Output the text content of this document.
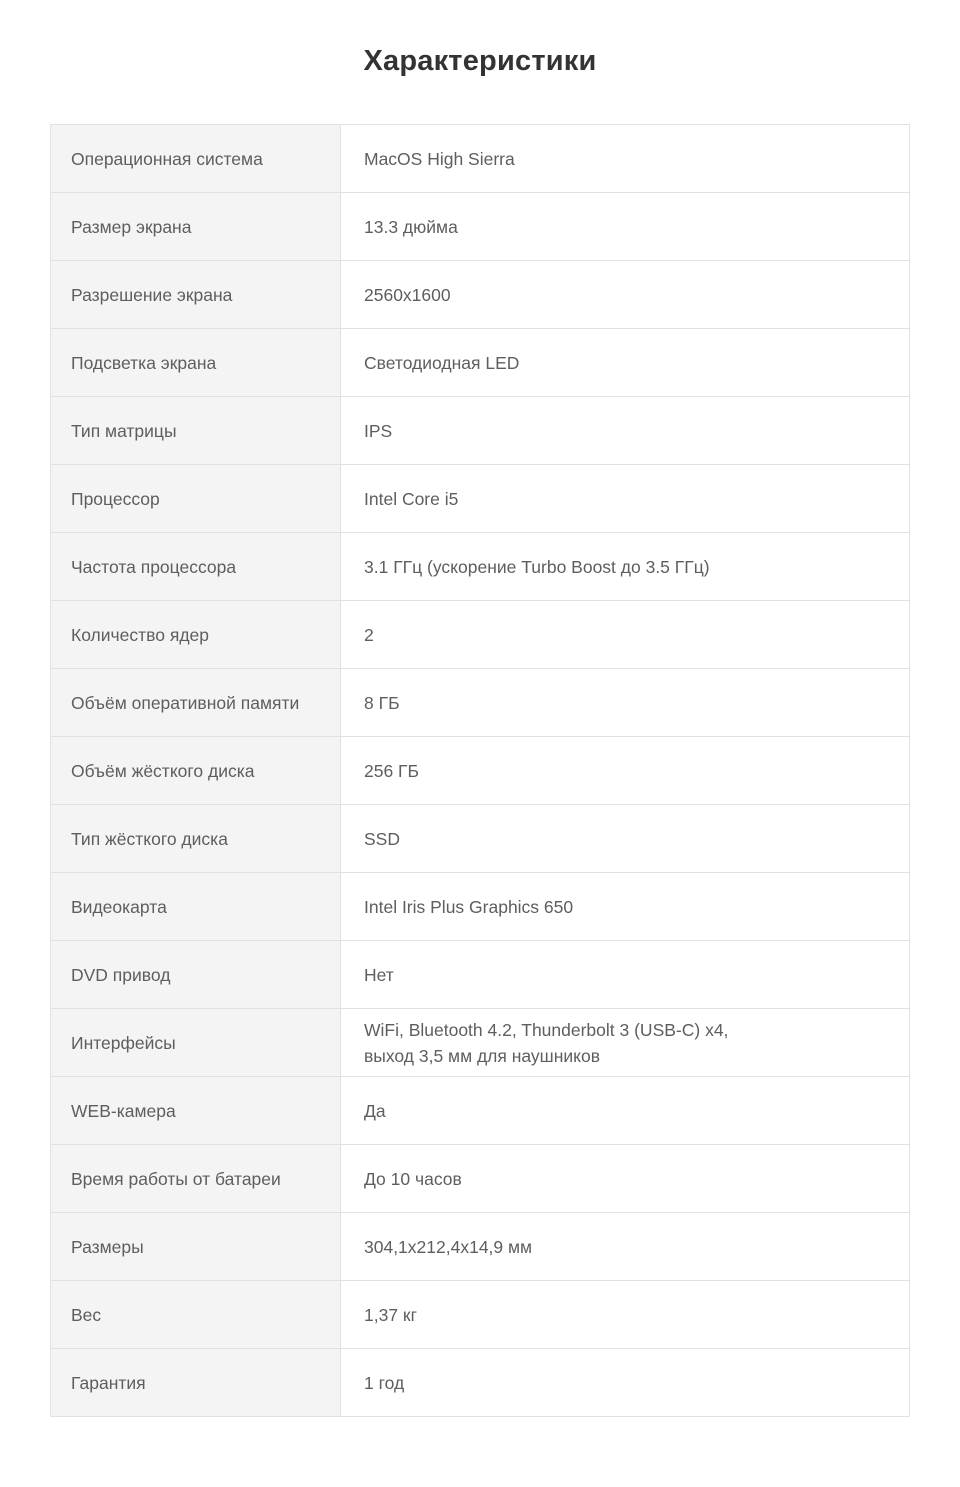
Характеристики
Операционная система	MacOS High Sierra

Размер экрана	13.3 дюйма

Разрешение экрана	2560x1600

Подсветка экрана	Светодиодная LED

Тип матрицы	IPS

Процессор	Intel Core i5

Частота процессора	3.1 ГГц (ускорение Turbo Boost до 3.5 ГГц)

Количество ядер	2

Объём оперативной памяти	8 ГБ

Объём жёсткого диска	256 ГБ

Тип жёсткого диска	SSD

Видеокарта	Intel Iris Plus Graphics 650

DVD привод	Нет

Интерфейсы	WiFi, Bluetooth 4.2, Thunderbolt 3 (USB-C) x4,
выход 3,5 мм для наушников

WEB-камера	Да

Время работы от батареи	До 10 часов

Размеры	304,1x212,4x14,9 мм

Вес	1,37 кг

Гарантия	1 год
